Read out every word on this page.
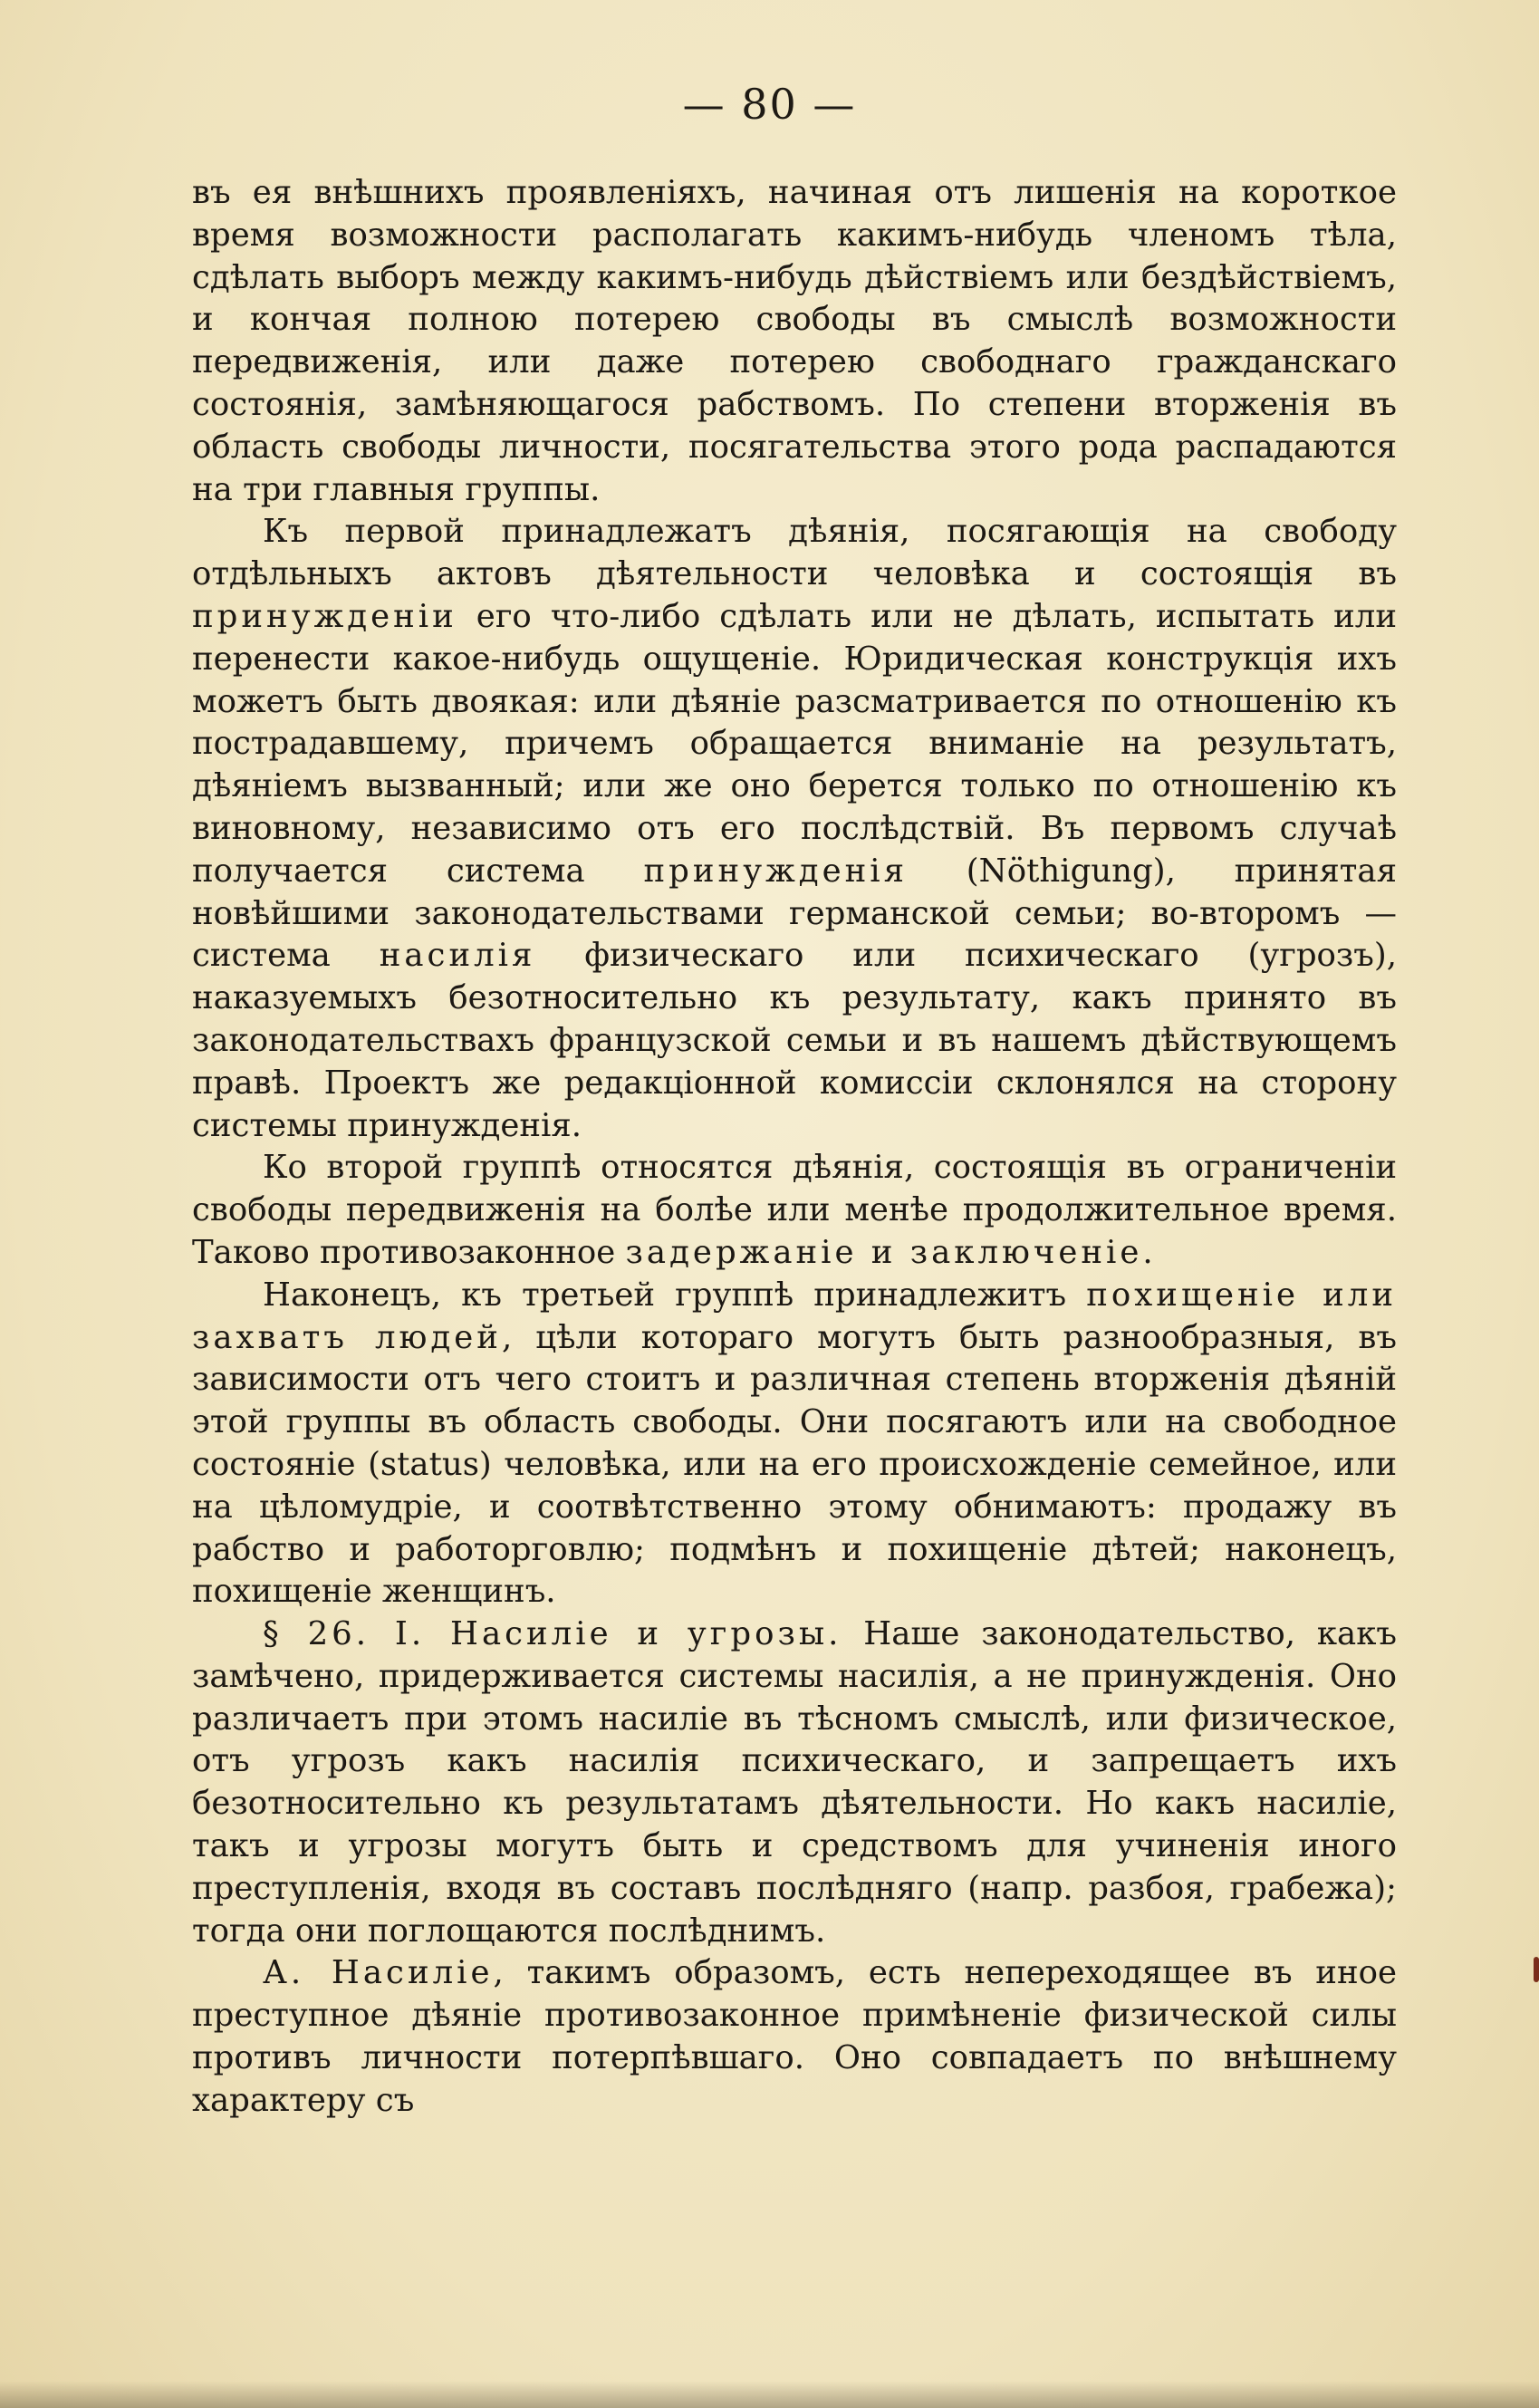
— 80 —

въ ея внѣшнихъ проявленіяхъ, начиная отъ лишенія на короткое время возможности располагать какимъ-нибудь членомъ тѣла, сдѣлать выборъ между какимъ-нибудь дѣйствіемъ или бездѣйствіемъ, и кончая полною потерею свободы въ смыслѣ возможности передвиженія, или даже потерею свободнаго гражданскаго состоянія, замѣняющагося рабствомъ. По степени вторженія въ область свободы личности, посягательства этого рода распадаются на три главныя группы.

Къ первой принадлежатъ дѣянія, посягающія на свободу отдѣльныхъ актовъ дѣятельности человѣка и состоящія въ принужденіи его что-либо сдѣлать или не дѣлать, испытать или перенести какое-нибудь ощущеніе. Юридическая конструкція ихъ можетъ быть двоякая: или дѣяніе разсматривается по отношенію къ пострадавшему, причемъ обращается вниманіе на результатъ, дѣяніемъ вызванный; или же оно берется только по отношенію къ виновному, независимо отъ его послѣдствій. Въ первомъ случаѣ получается система принужденія (Nöthigung), принятая новѣйшими законодательствами германской семьи; во-второмъ — система насилія физическаго или психическаго (угрозъ), наказуемыхъ безотносительно къ результату, какъ принято въ законодательствахъ французской семьи и въ нашемъ дѣйствующемъ правѣ. Проектъ же редакціонной комиссіи склонялся на сторону системы принужденія.

Ко второй группѣ относятся дѣянія, состоящія въ ограниченіи свободы передвиженія на болѣе или менѣе продолжительное время. Таково противозаконное задержаніе и заключеніе.

Наконецъ, къ третьей группѣ принадлежитъ похищеніе или захватъ людей, цѣли котораго могутъ быть разнообразныя, въ зависимости отъ чего стоитъ и различная степень вторженія дѣяній этой группы въ область свободы. Они посягаютъ или на свободное состояніе (status) человѣка, или на его происхожденіе семейное, или на цѣломудріе, и соотвѣтственно этому обнимаютъ: продажу въ рабство и работорговлю; подмѣнъ и похищеніе дѣтей; наконецъ, похищеніе женщинъ.

§ 26. I. Насиліе и угрозы. Наше законодательство, какъ замѣчено, придерживается системы насилія, а не принужденія. Оно различаетъ при этомъ насиліе въ тѣсномъ смыслѣ, или физическое, отъ угрозъ какъ насилія психическаго, и запрещаетъ ихъ безотносительно къ результатамъ дѣятельности. Но какъ насиліе, такъ и угрозы могутъ быть и средствомъ для учиненія иного преступленія, входя въ составъ послѣдняго (напр. разбоя, грабежа); тогда они поглощаются послѣднимъ.

А. Насиліе, такимъ образомъ, есть непереходящее въ иное преступное дѣяніе противозаконное примѣненіе физической силы противъ личности потерпѣвшаго. Оно совпадаетъ по внѣшнему характеру съ
